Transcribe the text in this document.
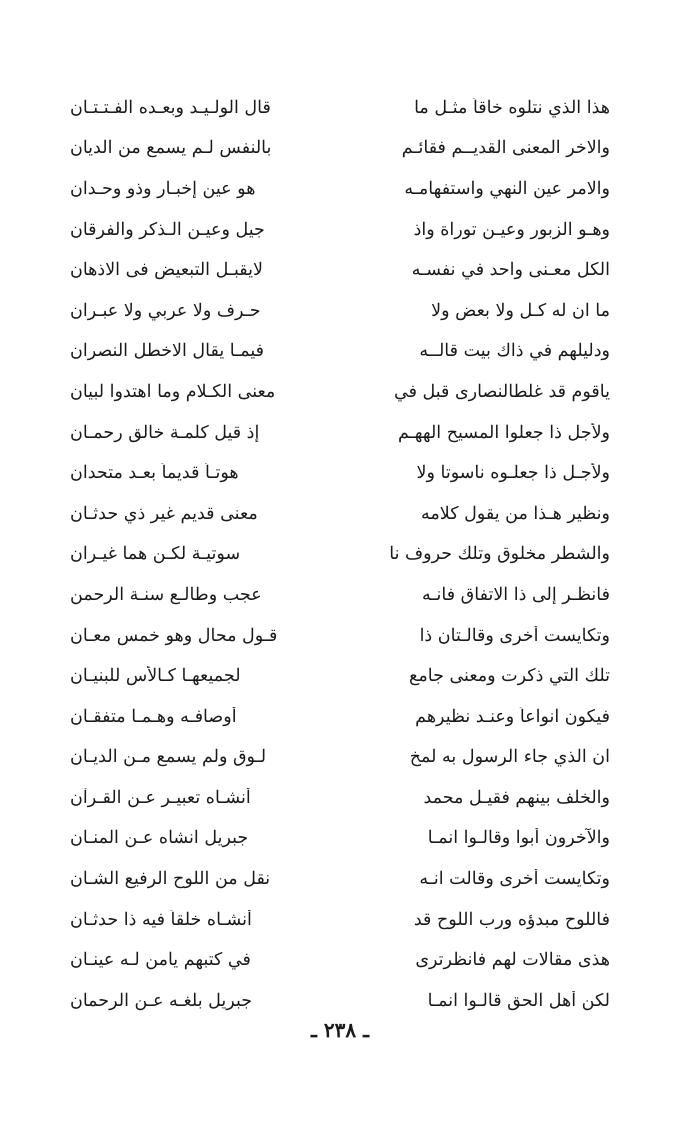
هذا الذي نتلوه خاقاً مثـل ما
قال الولـيـد وبعـده الفـتـتـان
والاخر المعنى القديــم فقائـم
بالنفس لـم يسمع من الديان
والامر عين النهي واستفهامـه
هو عين إخبـار وذو وحـدان
وهـو الزبور وعيـن توراة واذ
جيل وعيـن الـذكر والفرقان
الكل معـنى واحد في نفسـه
لايقبـل التبعيض فى الاذهان
ما ان له كـل ولا بعض ولا
حـرف ولا عربي ولا عبـران
ودليلهم في ذاك بيت قالــه
فيمـا يقال الاخطل النصران
ياقوم قد غلطالنصارى قبل في
معنى الكـلام وما اهتدوا لبيان
ولأجل ذا جعلوا المسيح الههـم
إذ قيل كلمـة خالق رحمـان
ولأجـل ذا جعلـوه ناسوتا ولا
هوتـاً قديماً بعـد متحدان
ونظير هـذا من يقول كلامه
معنى قديم غير ذي حدثـان
والشطر مخلوق وتلك حروف نا
سوتيـة لكـن هما غيـران
فانظـر إلى ذا الاتفاق فانـه
عجب وطالـع سنـة الرحمن
وتكايست أخرى وقالـتان ذا
قـول محال وهو خمس معـان
تلك التي ذكرت ومعنى جامع
لجميعهـا كـالأس للبنيـان
فيكون انواعاً وعنـد نظيرهم
أوصافـه وهـمـا متفقـان
ان الذي جاء الرسول به لمخ
لـوق ولم يسمع مـن الديـان
والخلف بينهم فقيـل محمد
أنشـاه تعبيـر عـن القـرآن
والآخرون أبوا وقالـوا انمـا
جبريل انشاه عـن المنـان
وتكايست أخرى وقالت انـه
نقل من اللوح الرفيع الشـان
فاللوح مبدؤه ورب اللوح قد
أنشـاه خلقاً فيه ذا حدثـان
هذى مقالات لهم فانظرترى
في كتبهم يامن لـه عينـان
لكن أهل الحق قالـوا انمـا
جبريل بلغـه عـن الرحمان
ـ ٢٣٨ ـ
